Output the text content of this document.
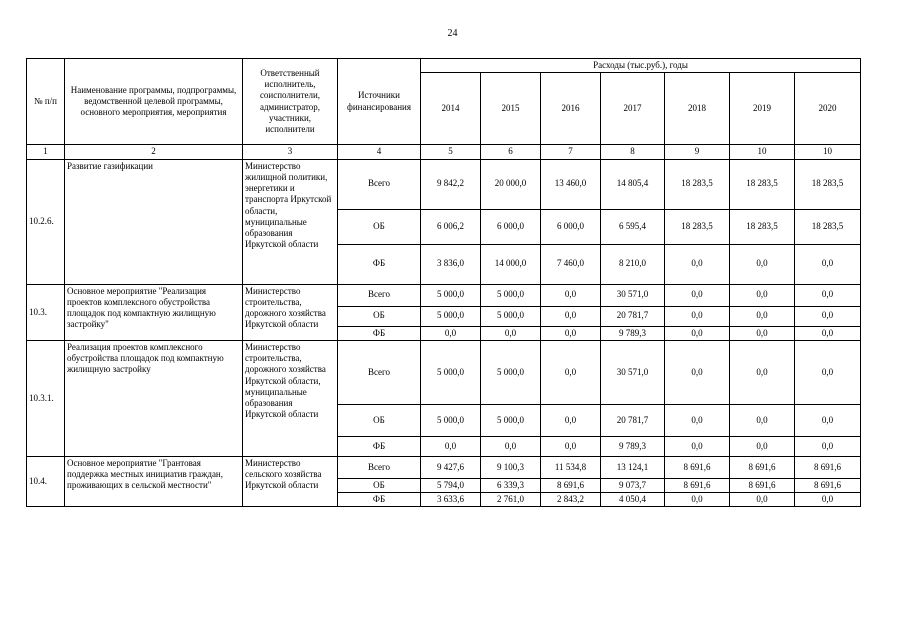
24
№ п/п	Наименование программы, подпрограммы, ведомственной целевой программы, основного мероприятия, мероприятия	Ответственный исполнитель, соисполнители, администратор, участники, исполнители	Источники финансирования	Расходы (тыс.руб.), годы						
				2014	2015	2016	2017	2018	2019	2020
1	2	3	4	5	6	7	8	9	10	10
10.2.6.	Развитие газификации	Министерство жилищной политики, энергетики и транспорта Иркутской области, муниципальные образования Иркутской области	Всего	9 842,2	20 000,0	13 460,0	14 805,4	18 283,5	18 283,5	18 283,5
			ОБ	6 006,2	6 000,0	6 000,0	6 595,4	18 283,5	18 283,5	18 283,5
			ФБ	3 836,0	14 000,0	7 460,0	8 210,0	0,0	0,0	0,0
10.3.	Основное мероприятие "Реализация проектов комплексного обустройства площадок под компактную жилищную застройку"	Министерство строительства, дорожного хозяйства Иркутской области	Всего	5 000,0	5 000,0	0,0	30 571,0	0,0	0,0	0,0
			ОБ	5 000,0	5 000,0	0,0	20 781,7	0,0	0,0	0,0
			ФБ	0,0	0,0	0,0	9 789,3	0,0	0,0	0,0
10.3.1.	Реализация проектов комплексного обустройства площадок под компактную жилищную застройку	Министерство строительства, дорожного хозяйства Иркутской области, муниципальные образования Иркутской области	Всего	5 000,0	5 000,0	0,0	30 571,0	0,0	0,0	0,0
			ОБ	5 000,0	5 000,0	0,0	20 781,7	0,0	0,0	0,0
			ФБ	0,0	0,0	0,0	9 789,3	0,0	0,0	0,0
10.4.	Основное мероприятие "Грантовая поддержка местных инициатив граждан, проживающих в сельской местности"	Министерство сельского хозяйства Иркутской области	Всего	9 427,6	9 100,3	11 534,8	13 124,1	8 691,6	8 691,6	8 691,6
			ОБ	5 794,0	6 339,3	8 691,6	9 073,7	8 691,6	8 691,6	8 691,6
			ФБ	3 633,6	2 761,0	2 843,2	4 050,4	0,0	0,0	0,0
